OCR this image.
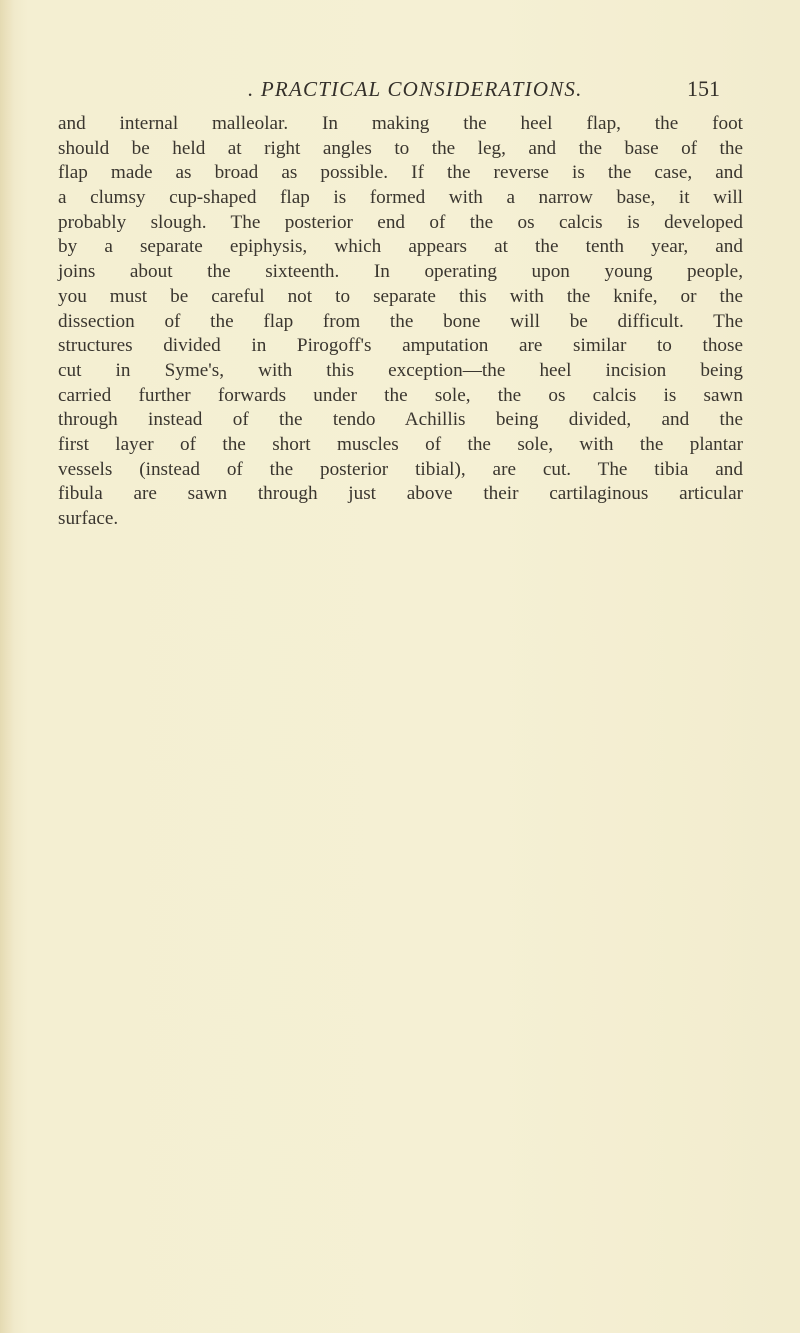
. PRACTICAL CONSIDERATIONS.	151
and internal malleolar. In making the heel flap, the foot
should be held at right angles to the leg, and the base of the
flap made as broad as possible. If the reverse is the case, and
a clumsy cup-shaped flap is formed with a narrow base, it will
probably slough. The posterior end of the os calcis is developed
by a separate epiphysis, which appears at the tenth year, and
joins about the sixteenth. In operating upon young people,
you must be careful not to separate this with the knife, or the
dissection of the flap from the bone will be difficult. The
structures divided in Pirogoff's amputation are similar to those
cut in Syme's, with this exception—the heel incision being
carried further forwards under the sole, the os calcis is sawn
through instead of the tendo Achillis being divided, and the
first layer of the short muscles of the sole, with the plantar
vessels (instead of the posterior tibial), are cut. The tibia and
fibula are sawn through just above their cartilaginous articular
surface.
